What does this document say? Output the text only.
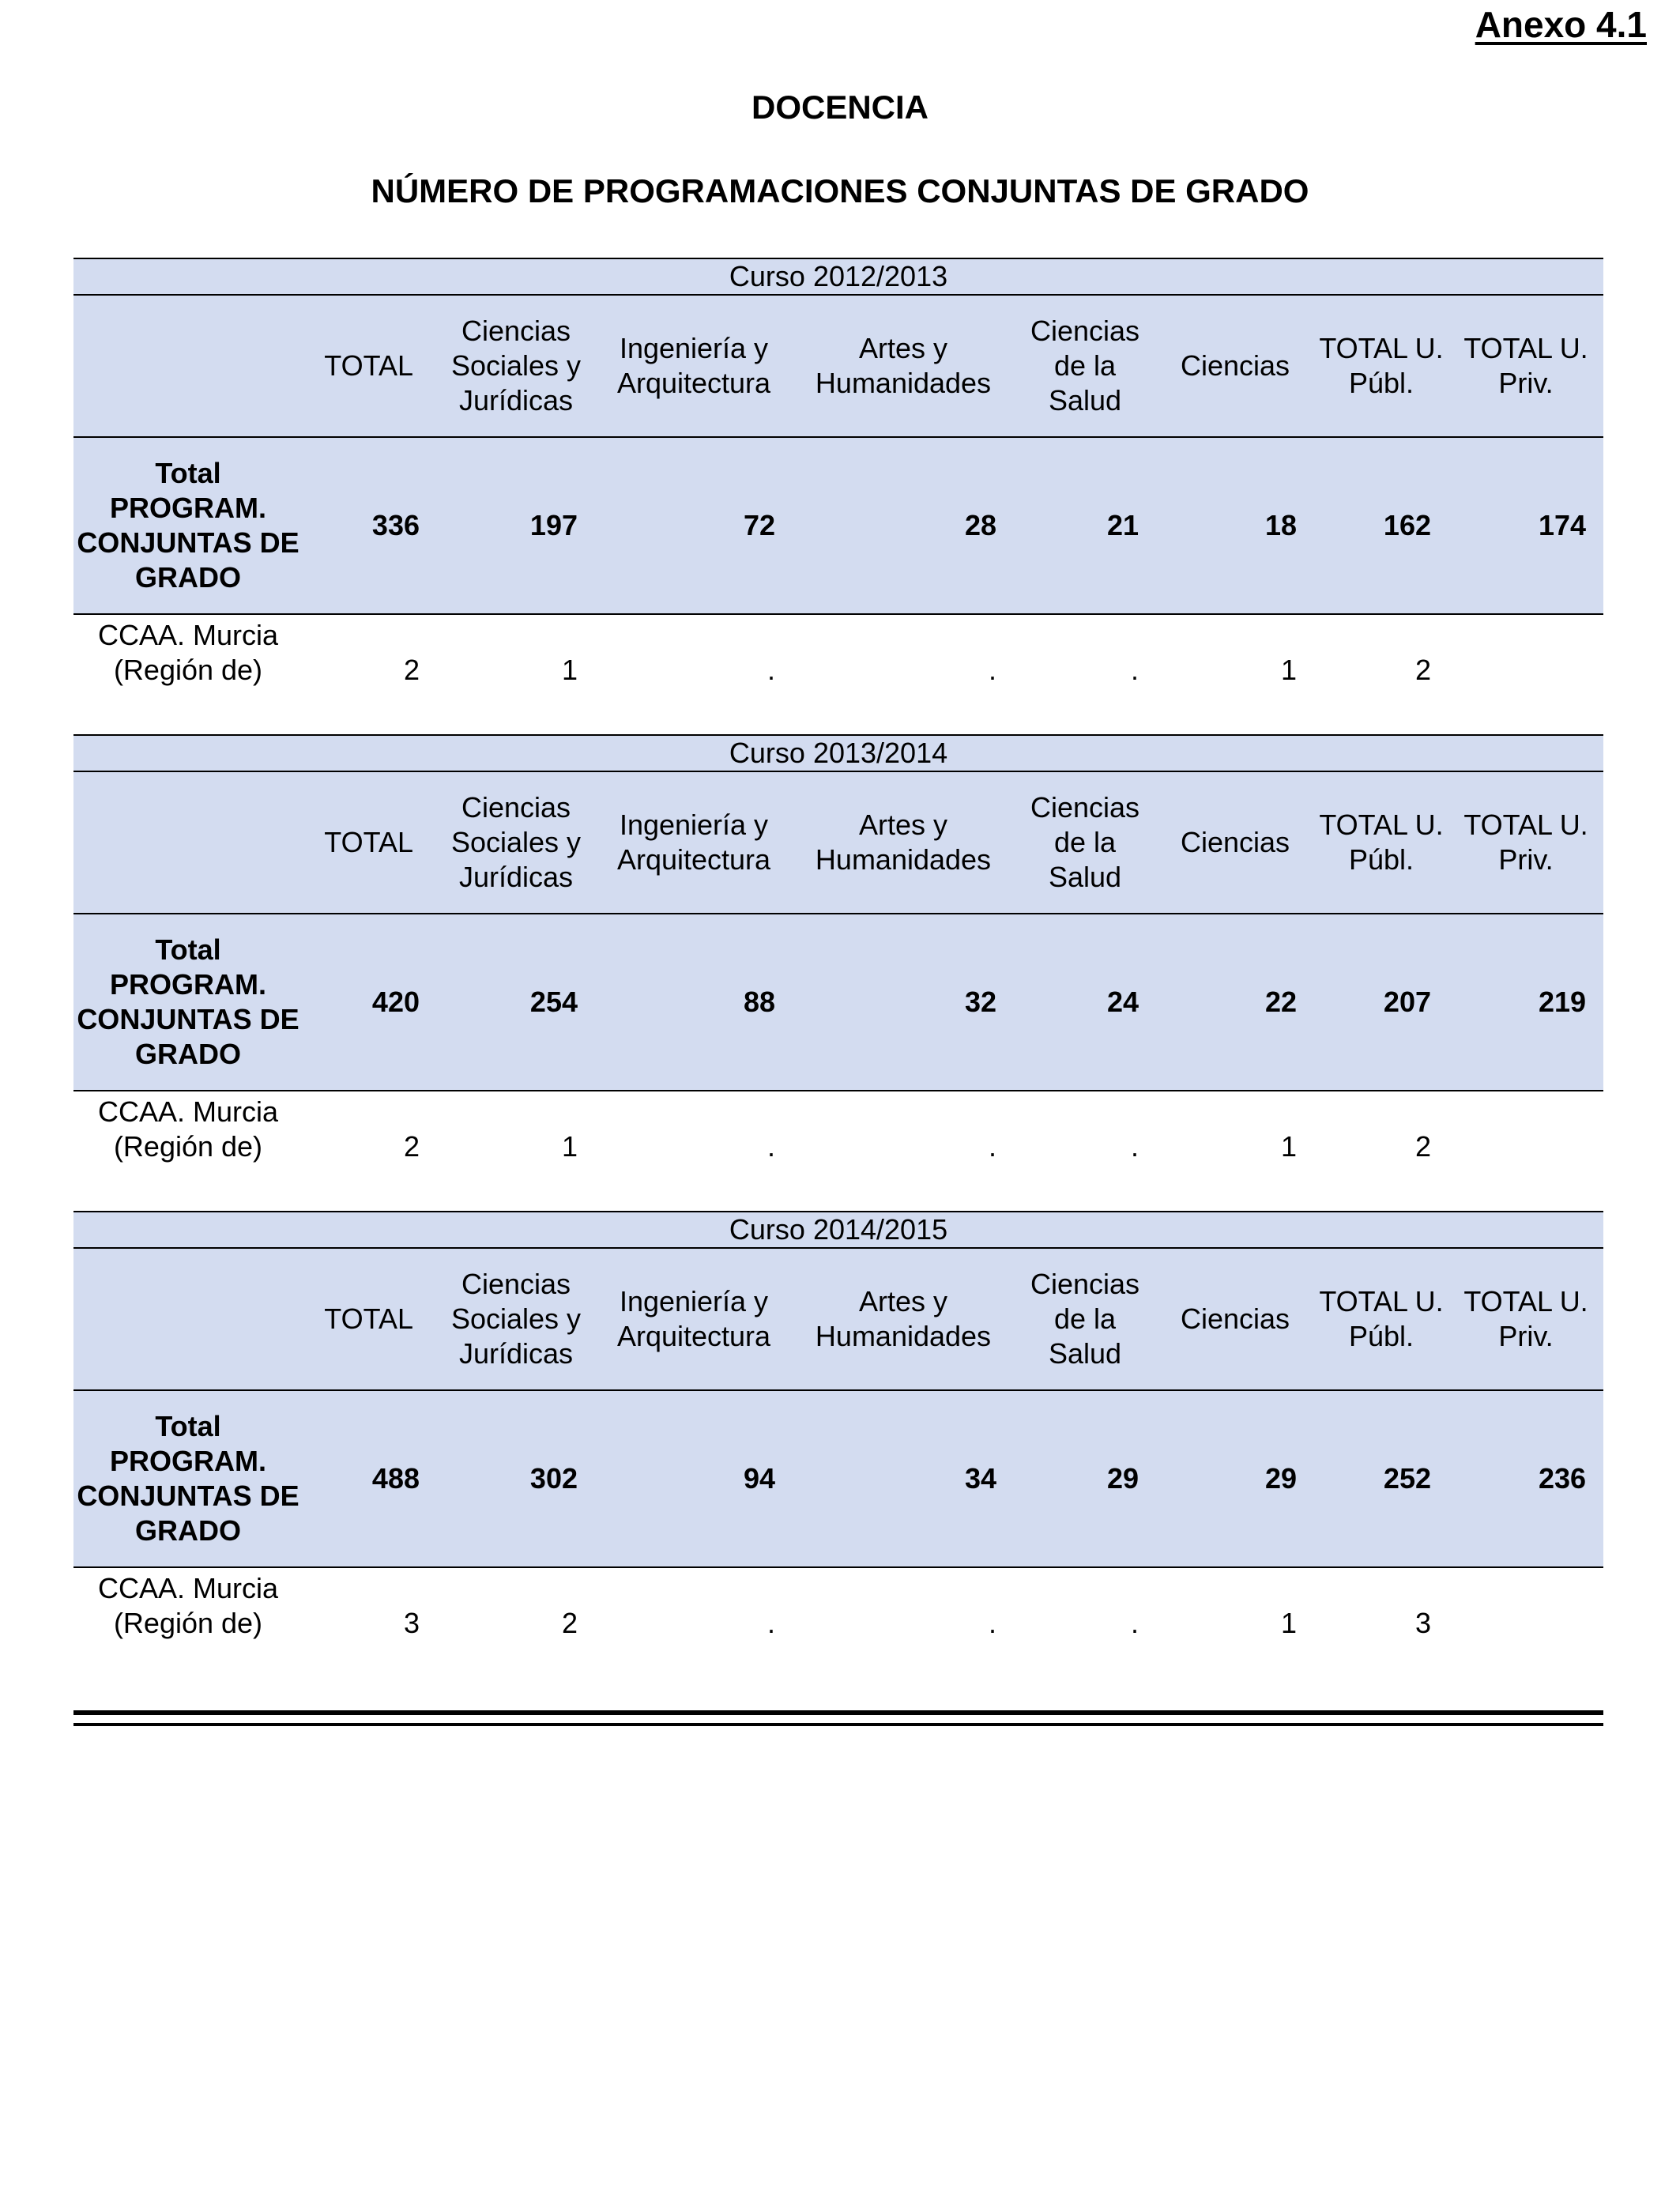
Anexo 4.1
DOCENCIA
NÚMERO DE PROGRAMACIONES CONJUNTAS DE GRADO
Curso 2012/2013								
	TOTAL	Ciencias Sociales y Jurídicas	Ingeniería y Arquitectura	Artes y Humanidades	Ciencias de la Salud	Ciencias	TOTAL U. Públ.	TOTAL U. Priv.
Total PROGRAM. CONJUNTAS DE GRADO	336	197	72	28	21	18	162	174
CCAA. Murcia (Región de)	2	1	.	.	.	1	2	
Curso 2013/2014								
	TOTAL	Ciencias Sociales y Jurídicas	Ingeniería y Arquitectura	Artes y Humanidades	Ciencias de la Salud	Ciencias	TOTAL U. Públ.	TOTAL U. Priv.
Total PROGRAM. CONJUNTAS DE GRADO	420	254	88	32	24	22	207	219
CCAA. Murcia (Región de)	2	1	.	.	.	1	2	
Curso 2014/2015								
	TOTAL	Ciencias Sociales y Jurídicas	Ingeniería y Arquitectura	Artes y Humanidades	Ciencias de la Salud	Ciencias	TOTAL U. Públ.	TOTAL U. Priv.
Total PROGRAM. CONJUNTAS DE GRADO	488	302	94	34	29	29	252	236
CCAA. Murcia (Región de)	3	2	.	.	.	1	3	
